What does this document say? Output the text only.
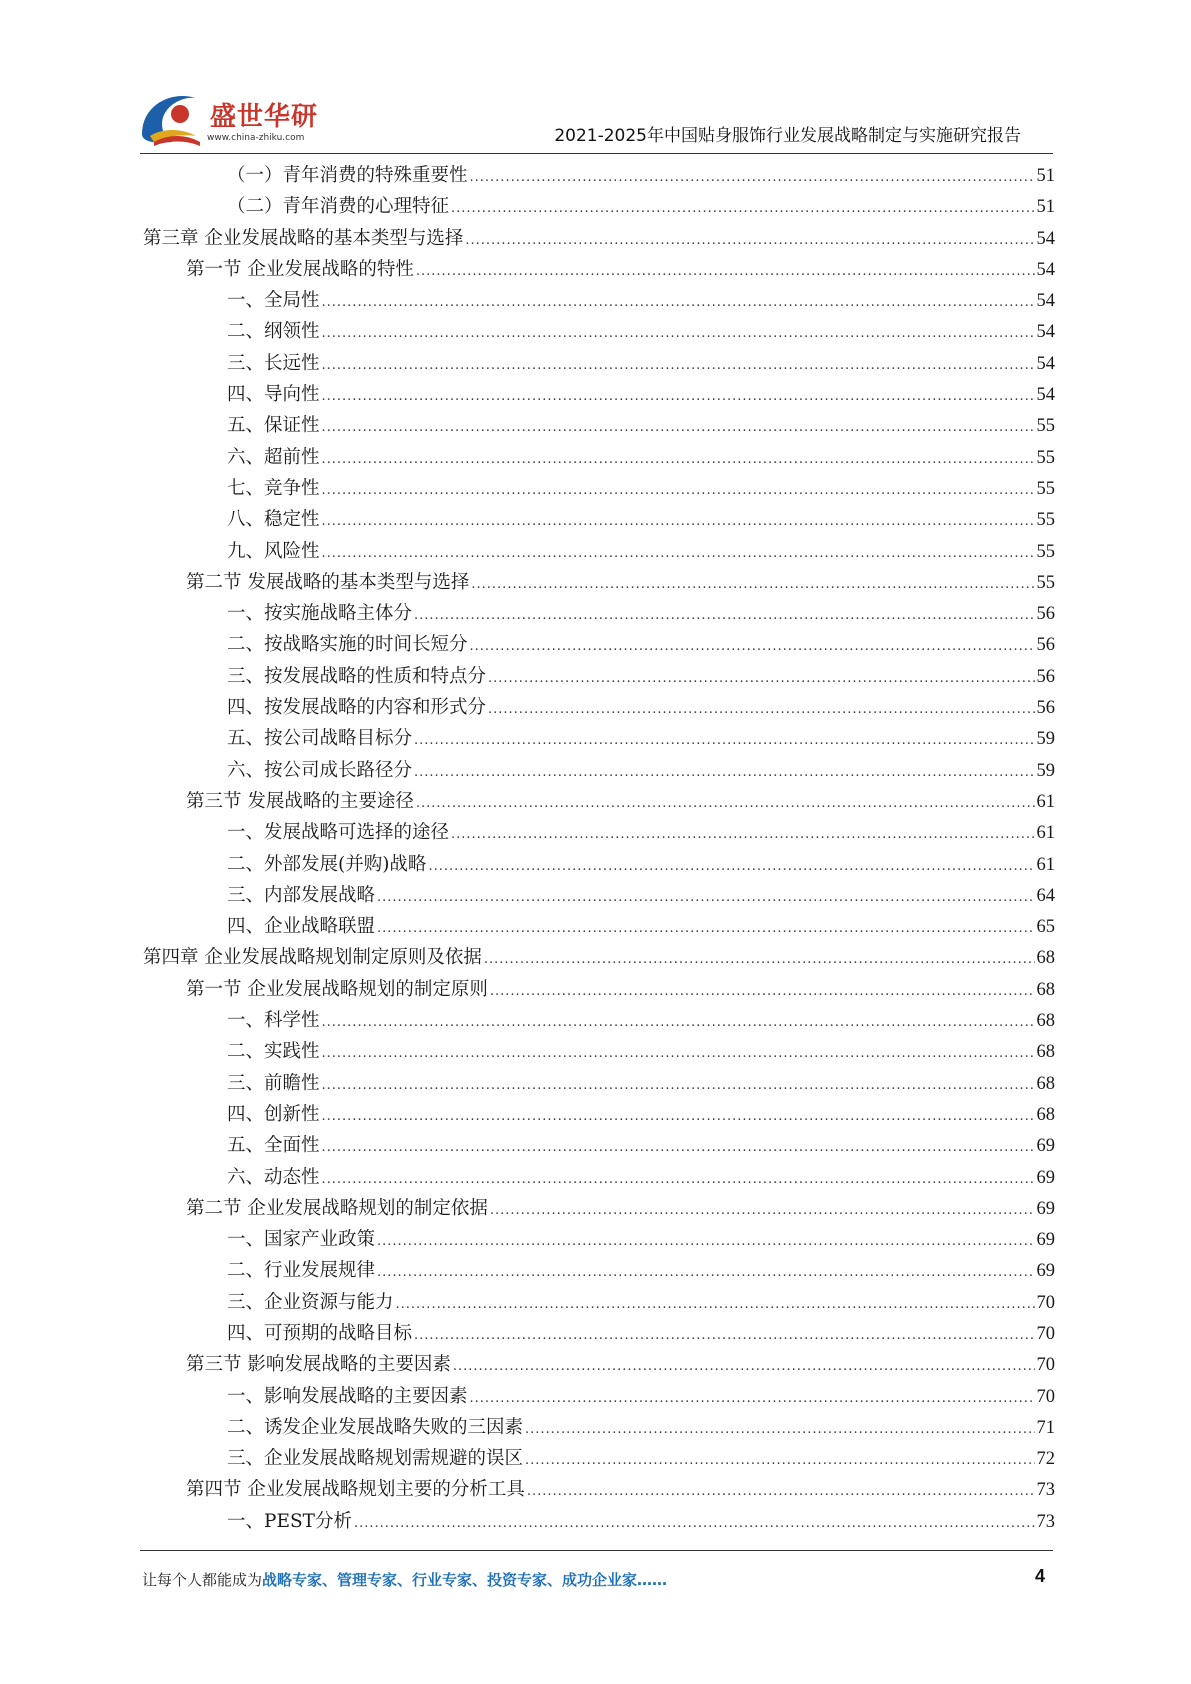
盛世华研
www.china-zhiku.com	2021-2025年中国贴身服饰行业发展战略制定与实施研究报告
（一）青年消费的特殊重要性 .....	51
（二）青年消费的心理特征 .....	51
第三章 企业发展战略的基本类型与选择 .....	54
第一节 企业发展战略的特性 .....	54
一、全局性 .....	54
二、纲领性 .....	54
三、长远性 .....	54
四、导向性 .....	54
五、保证性 .....	55
六、超前性 .....	55
七、竞争性 .....	55
八、稳定性 .....	55
九、风险性 .....	55
第二节 发展战略的基本类型与选择 .....	55
一、按实施战略主体分 .....	56
二、按战略实施的时间长短分 .....	56
三、按发展战略的性质和特点分 .....	56
四、按发展战略的内容和形式分 .....	56
五、按公司战略目标分 .....	59
六、按公司成长路径分 .....	59
第三节 发展战略的主要途径 .....	61
一、发展战略可选择的途径 .....	61
二、外部发展(并购)战略 .....	61
三、内部发展战略 .....	64
四、企业战略联盟 .....	65
第四章 企业发展战略规划制定原则及依据 .....	68
第一节 企业发展战略规划的制定原则 .....	68
一、科学性 .....	68
二、实践性 .....	68
三、前瞻性 .....	68
四、创新性 .....	68
五、全面性 .....	69
六、动态性 .....	69
第二节 企业发展战略规划的制定依据 .....	69
一、国家产业政策 .....	69
二、行业发展规律 .....	69
三、企业资源与能力 .....	70
四、可预期的战略目标 .....	70
第三节 影响发展战略的主要因素 .....	70
一、影响发展战略的主要因素 .....	70
二、诱发企业发展战略失败的三因素 .....	71
三、企业发展战略规划需规避的误区 .....	72
第四节 企业发展战略规划主要的分析工具 .....	73
一、PEST分析 .....	73
让每个人都能成为战略专家、管理专家、行业专家、投资专家、成功企业家……	4
